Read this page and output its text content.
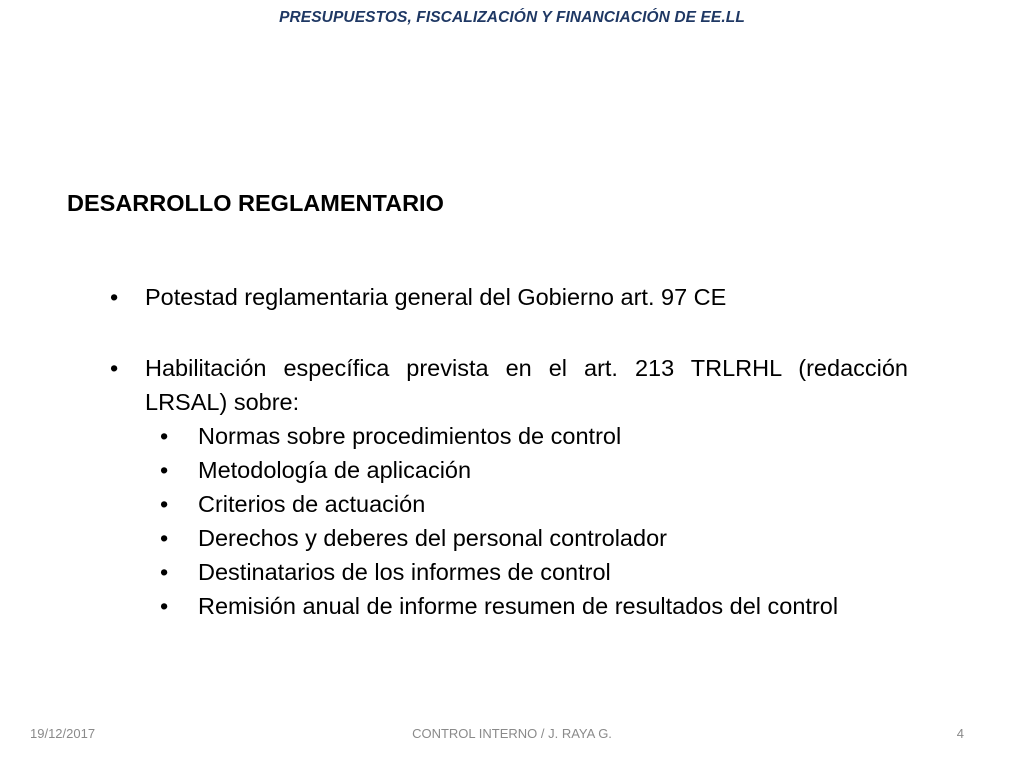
PRESUPUESTOS, FISCALIZACIÓN Y FINANCIACIÓN DE EE.LL
DESARROLLO REGLAMENTARIO
• Potestad reglamentaria general del Gobierno art. 97 CE
• Habilitación específica prevista en el art. 213 TRLRHL (redacción LRSAL) sobre:
• Normas sobre procedimientos de control
• Metodología de aplicación
• Criterios de actuación
• Derechos y deberes del personal controlador
• Destinatarios de los informes de control
• Remisión anual de informe resumen de resultados del control
19/12/2017	CONTROL INTERNO / J. RAYA G.	4
